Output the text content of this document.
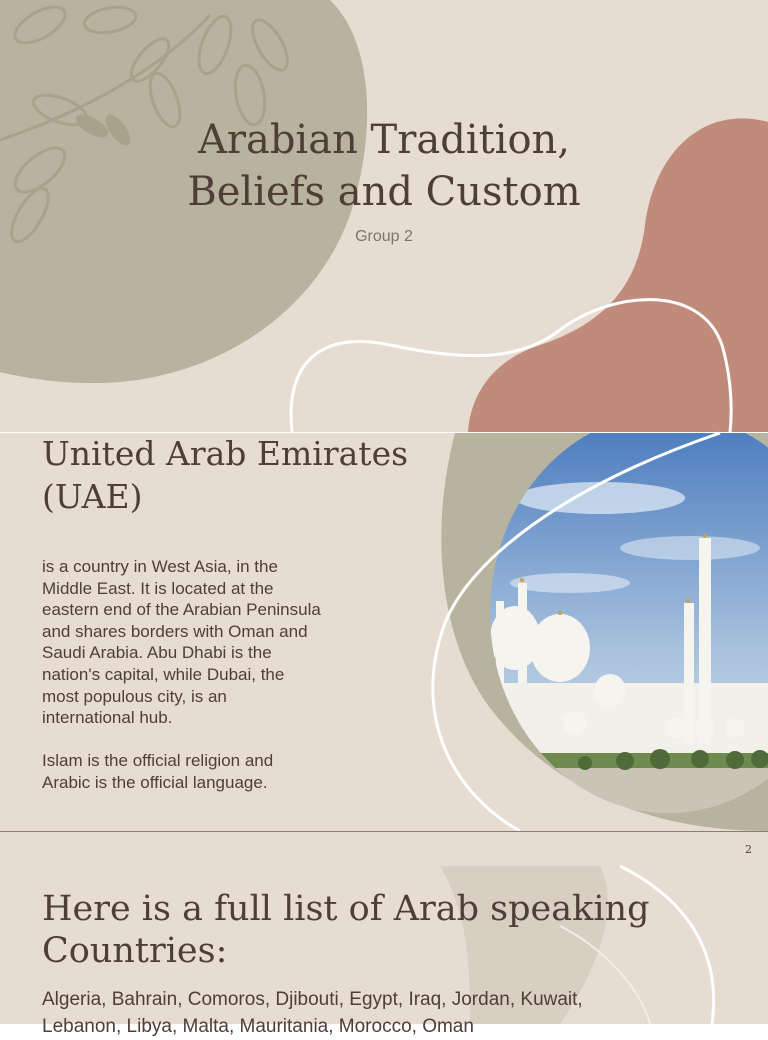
Arabian Tradition,
Beliefs and Custom
Group 2
United Arab Emirates
(UAE)

is a country in West Asia, in the Middle East. It is located at the eastern end of the Arabian Peninsula and shares borders with Oman and Saudi Arabia. Abu Dhabi is the nation's capital, while Dubai, the most populous city, is an international hub.

Islam is the official religion and Arabic is the official language.

2
Here is a full list of Arab speaking
Countries:
Algeria, Bahrain, Comoros, Djibouti, Egypt, Iraq, Jordan, Kuwait, Lebanon, Libya, Malta, Mauritania, Morocco, Oman
